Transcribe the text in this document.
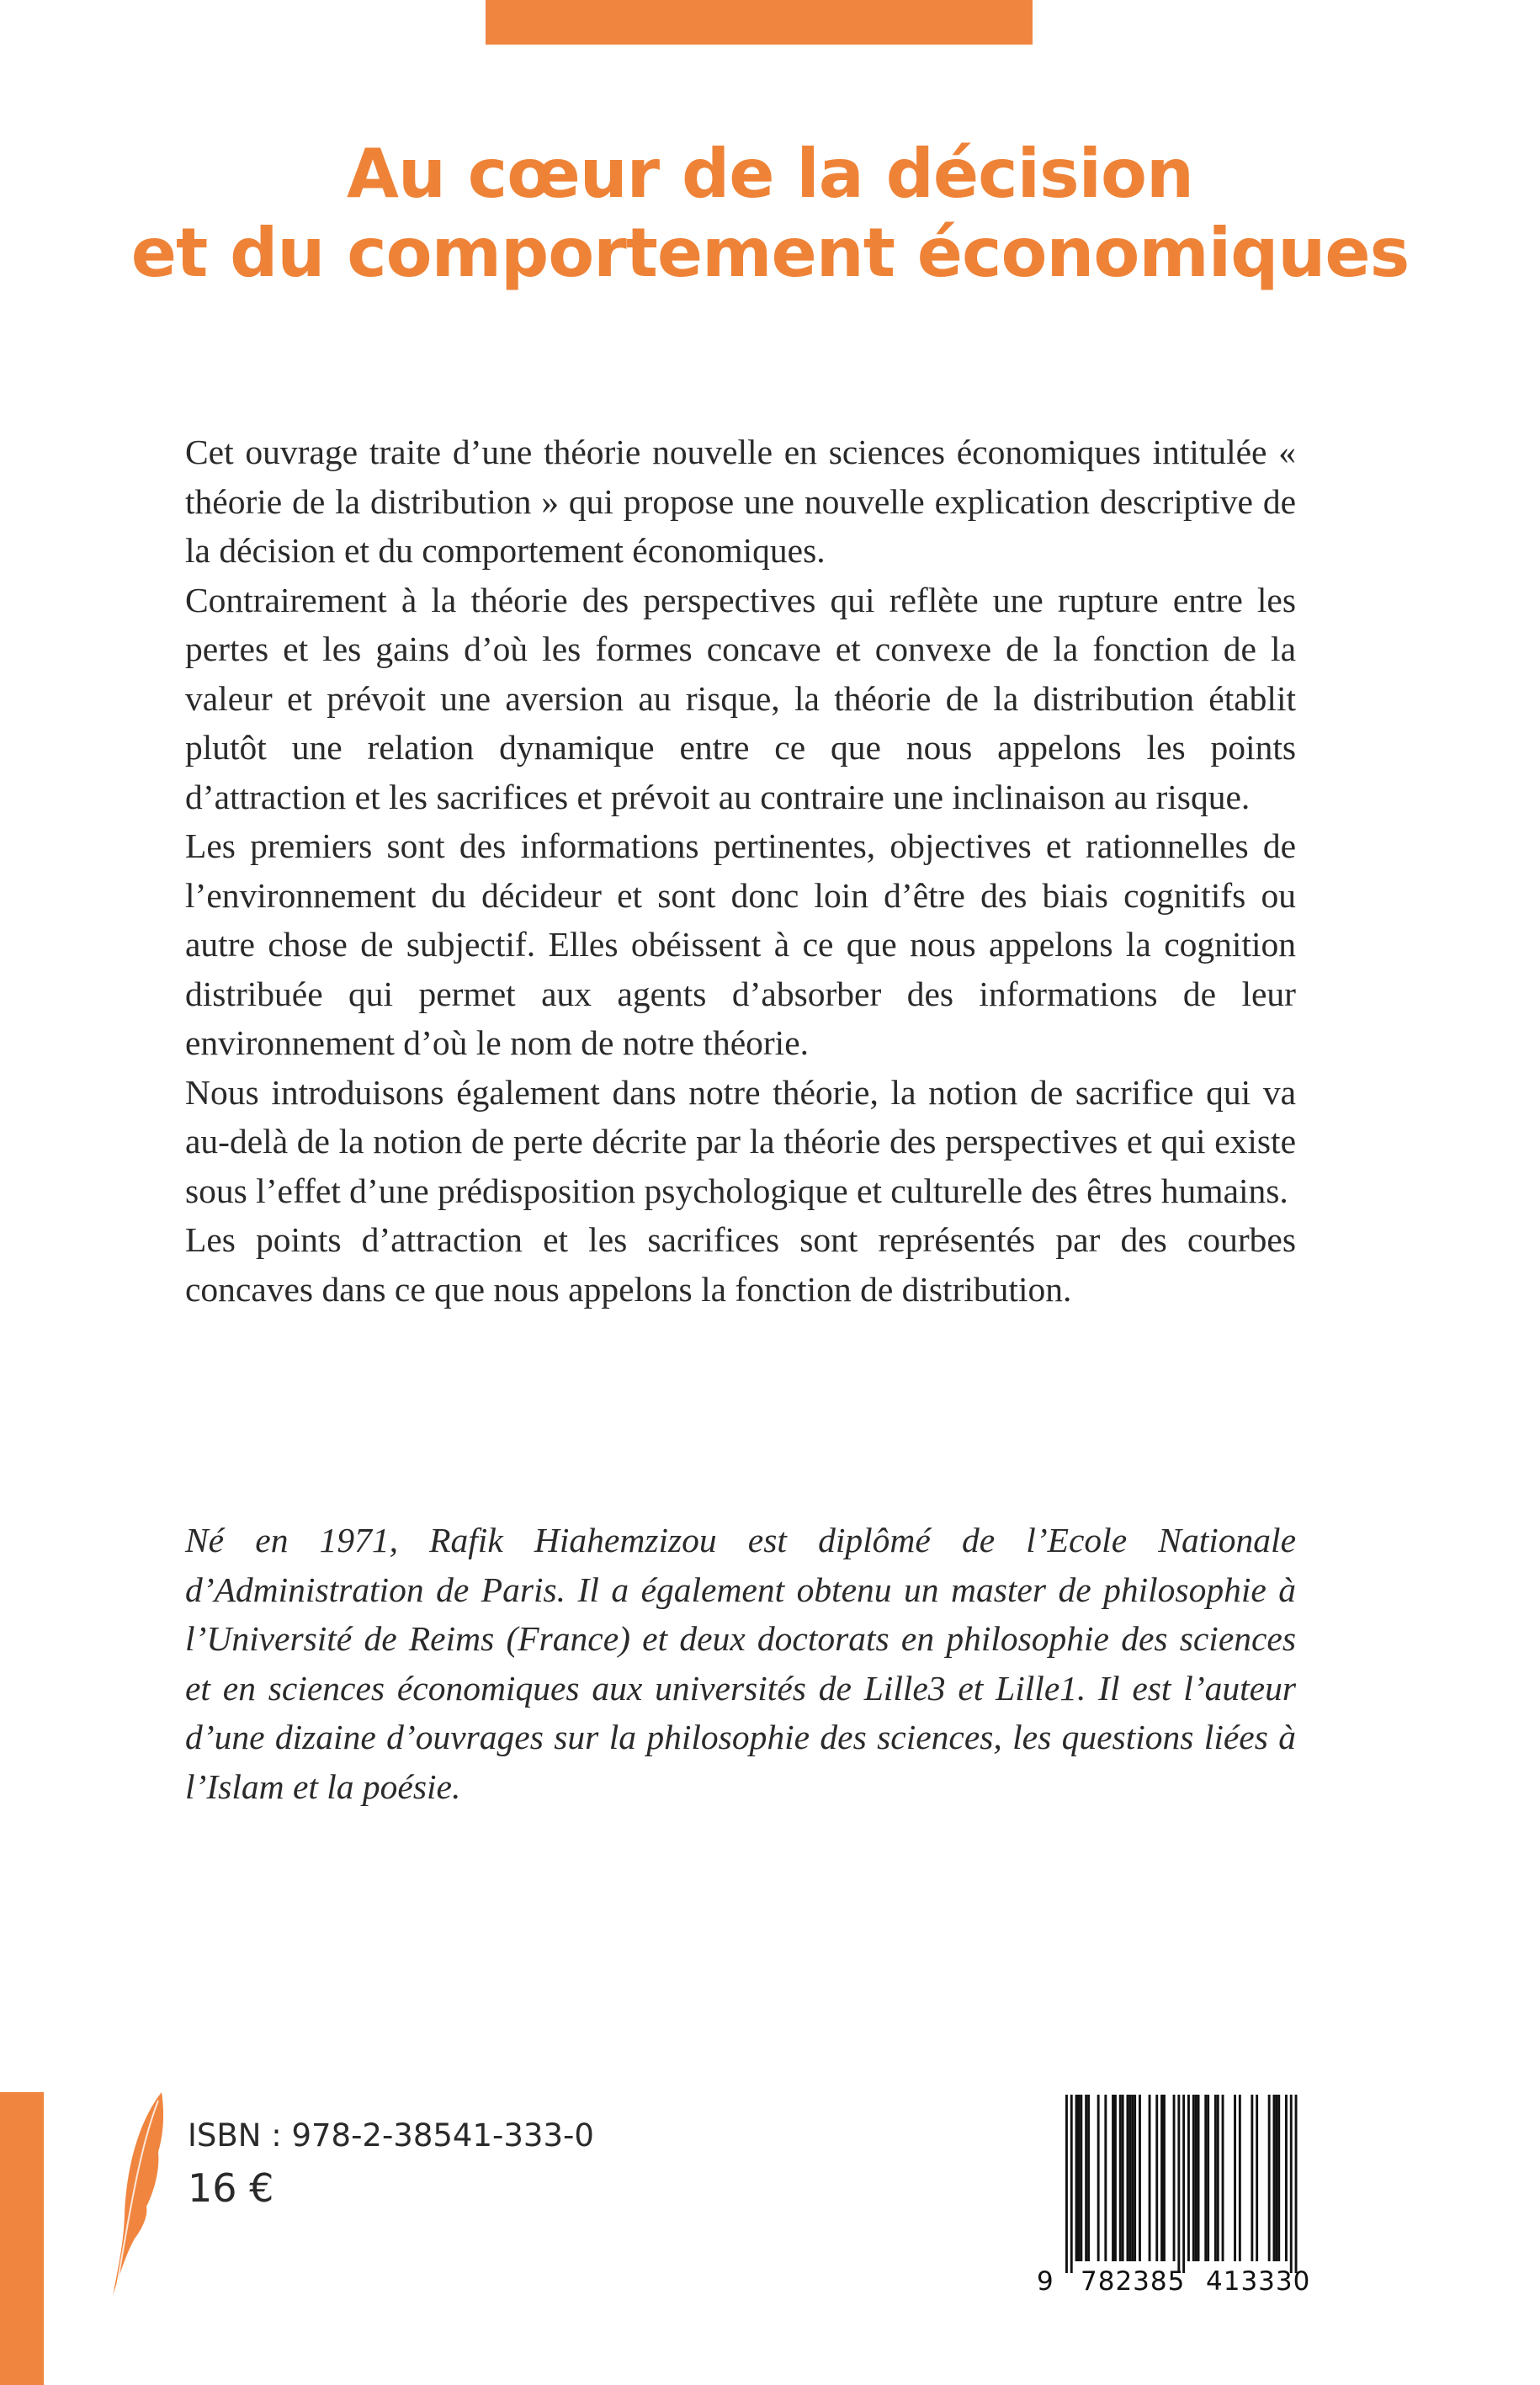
Au cœur de la décision
et du comportement économiques

Cet ouvrage traite d’une théorie nouvelle en sciences économiques intitulée « théorie de la distribution » qui propose une nouvelle explication descriptive de la décision et du comportement économiques.

Contrairement à la théorie des perspectives qui reflète une rupture entre les pertes et les gains d’où les formes concave et convexe de la fonction de la valeur et prévoit une aversion au risque, la théorie de la distribution établit plutôt une relation dynamique entre ce que nous appelons les points d’attraction et les sacrifices et prévoit au contraire une inclinaison au risque.

Les premiers sont des informations pertinentes, objectives et rationnelles de l’environnement du décideur et sont donc loin d’être des biais cognitifs ou autre chose de subjectif. Elles obéissent à ce que nous appelons la cognition distribuée qui permet aux agents d’absorber des informations de leur environnement d’où le nom de notre théorie.

Nous introduisons également dans notre théorie, la notion de sacrifice qui va au-delà de la notion de perte décrite par la théorie des perspectives et qui existe sous l’effet d’une prédisposition psychologique et culturelle des êtres humains.

Les points d’attraction et les sacrifices sont représentés par des courbes concaves dans ce que nous appelons la fonction de distribution.

Né en 1971, Rafik Hiahemzizou est diplômé de l’Ecole Nationale d’Administration de Paris. Il a également obtenu un master de philosophie à l’Université de Reims (France) et deux doctorats en philosophie des sciences et en sciences économiques aux universités de Lille3 et Lille1. Il est l’auteur d’une dizaine d’ouvrages sur la philosophie des sciences, les questions liées à l’Islam et la poésie.

ISBN : 978-2-38541-333-0
16 €
9 782385 413330
